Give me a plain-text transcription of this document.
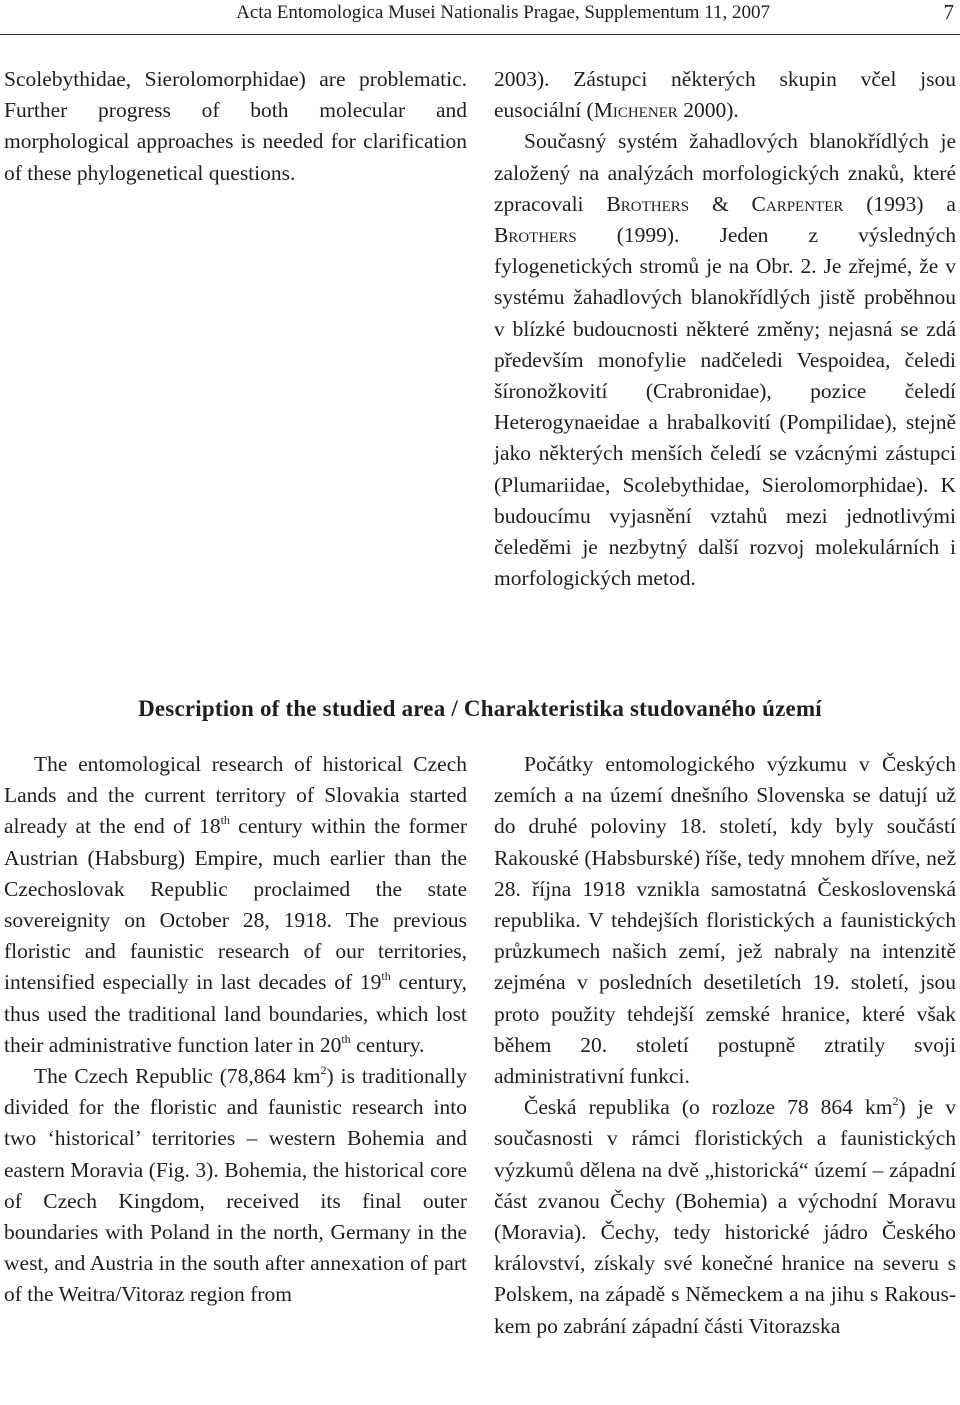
Acta Entomologica Musei Nationalis Pragae, Supplementum 11, 2007	7

Scolebythidae, Sierolomorphidae) are problematic. Further progress of both molecular and morphological approaches is needed for clarification of these phylogenetical questions.

2003). Zástupci některých skupin včel jsou eusociální (Michener 2000).

Současný systém žahadlových blanokřídlých je založený na analýzách morfologických znaků, které zpracovali Brothers & Carpenter (1993) a Brothers (1999). Jeden z výsledných fylogenetických stromů je na Obr. 2. Je zřejmé, že v systému žahadlových blanokřídlých jistě proběhnou v blízké budoucnosti některé změny; nejasná se zdá především monofylie nadčeledi Vespoidea, čeledi šíronožkovití (Crabronidae), pozice čeledí Heterogynaeidae a hrabalkovití (Pompilidae), stejně jako některých menších čeledí se vzácnými zástupci (Plumariidae, Scolebythidae, Sierolomorphidae). K budoucímu vyjasnění vztahů mezi jednotlivými čeleděmi je nezbytný další rozvoj molekulárních i morfologických metod.

Description of the studied area / Charakteristika studovaného území

The entomological research of historical Czech Lands and the current territory of Slovakia started already at the end of 18th century within the former Austrian (Habsburg) Empire, much earlier than the Czechoslovak Republic proclaimed the state sovereignity on October 28, 1918. The previous floristic and faunistic research of our territories, intensified especially in last decades of 19th century, thus used the traditional land boundaries, which lost their administrative function later in 20th century.

The Czech Republic (78,864 $km^2$) is traditionally divided for the floristic and faunistic research into two ‘historical’ territories – western Bohemia and eastern Moravia (Fig. 3). Bohemia, the historical core of Czech Kingdom, received its final outer boundaries with Poland in the north, Germany in the west, and Austria in the south after annexation of part of the Weitra/Vitoraz region from

Počátky entomologického výzkumu v Českých zemích a na území dnešního Slovenska se datují už do druhé poloviny 18. století, kdy byly součástí Rakouské (Habsburské) říše, tedy mnohem dříve, než 28. října 1918 vznikla samostatná Československá republika. V tehdejších floristických a faunistických průzkumech našich zemí, jež nabraly na intenzitě zejména v posledních desetiletích 19. století, jsou proto použity tehdejší zemské hranice, které však během 20. století postupně ztratily svoji administrativní funkci.

Česká republika (o rozloze 78 864 $km^2$) je v současnosti v rámci floristických a faunistických výzkumů dělena na dvě „historická“ území – západní část zvanou Čechy (Bohemia) a východní Moravu (Moravia). Čechy, tedy historické jádro Českého království, získaly své konečné hranice na severu s Polskem, na západě s Německem a na jihu s Rakouskem po zabrání západní části Vitorazska
